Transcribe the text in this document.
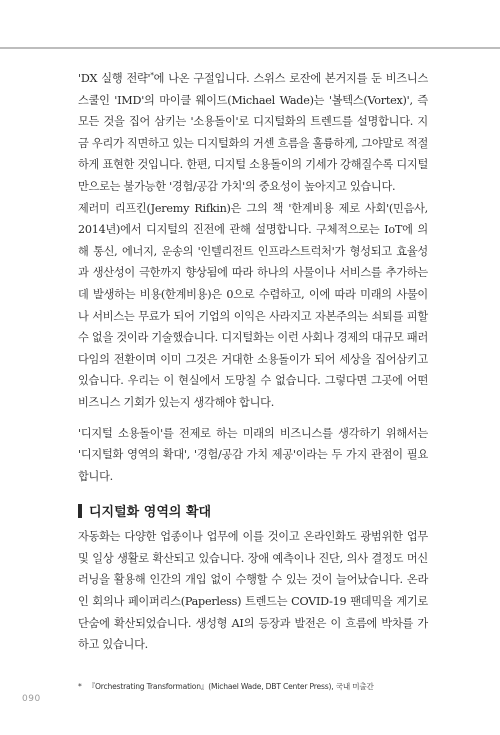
'DX 실행 전략'*에 나온 구절입니다. 스위스 로잔에 본거지를 둔 비즈니스 스쿨인 'IMD'의 마이클 웨이드(Michael Wade)는 '볼텍스(Vortex)', 즉 모든 것을 집어 삼키는 '소용돌이'로 디지털화의 트렌드를 설명합니다. 지금 우리가 직면하고 있는 디지털화의 거센 흐름을 훌륭하게, 그야말로 적절하게 표현한 것입니다. 한편, 디지털 소용돌이의 기세가 강해질수록 디지털만으로는 불가능한 '경험/공감 가치'의 중요성이 높아지고 있습니다.

제러미 리프킨(Jeremy Rifkin)은 그의 책 '한계비용 제로 사회'(민음사, 2014년)에서 디지털의 진전에 관해 설명합니다. 구체적으로는 IoT에 의해 통신, 에너지, 운송의 '인텔리전트 인프라스트럭처'가 형성되고 효율성과 생산성이 극한까지 향상됨에 따라 하나의 사물이나 서비스를 추가하는 데 발생하는 비용(한계비용)은 0으로 수렴하고, 이에 따라 미래의 사물이나 서비스는 무료가 되어 기업의 이익은 사라지고 자본주의는 쇠퇴를 피할 수 없을 것이라 기술했습니다. 디지털화는 이런 사회나 경제의 대규모 패러다임의 전환이며 이미 그것은 거대한 소용돌이가 되어 세상을 집어삼키고 있습니다. 우리는 이 현실에서 도망칠 수 없습니다. 그렇다면 그곳에 어떤 비즈니스 기회가 있는지 생각해야 합니다.

'디지털 소용돌이'를 전제로 하는 미래의 비즈니스를 생각하기 위해서는 '디지털화 영역의 확대', '경험/공감 가치 제공'이라는 두 가지 관점이 필요합니다.

디지털화 영역의 확대

자동화는 다양한 업종이나 업무에 이를 것이고 온라인화도 광범위한 업무 및 일상 생활로 확산되고 있습니다. 장애 예측이나 진단, 의사 결정도 머신러닝을 활용해 인간의 개입 없이 수행할 수 있는 것이 늘어났습니다. 온라인 회의나 페이퍼리스(Paperless) 트렌드는 COVID-19 팬데믹을 계기로 단숨에 확산되었습니다. 생성형 AI의 등장과 발전은 이 흐름에 박차를 가하고 있습니다.

* 『Orchestrating Transformation』(Michael Wade, DBT Center Press), 국내 미출간
090
